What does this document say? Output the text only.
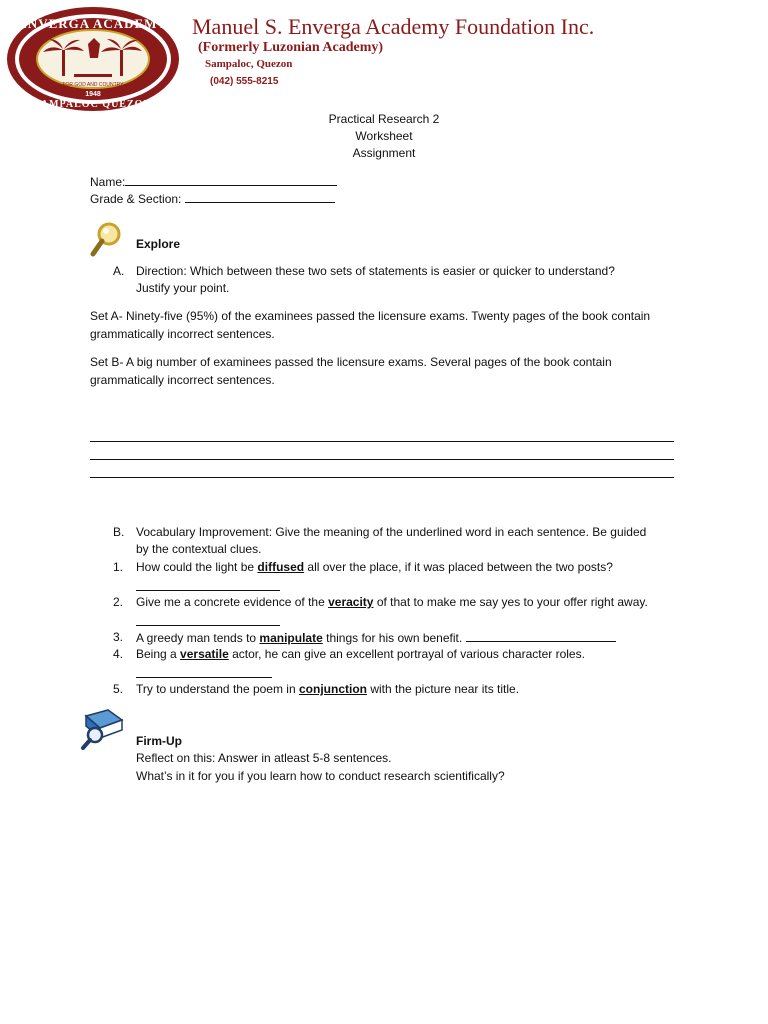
ENVERGA ACADEMY
FOR GOD AND COUNTRY
1948
SAMPALOC QUEZON
Manuel S. Enverga Academy Foundation Inc.
(Formerly Luzonian Academy)
Sampaloc, Quezon
(042) 555-8215
Practical Research 2
Worksheet
Assignment
Name:
Grade & Section:
Explore
A. Direction: Which between these two sets of statements is easier or quicker to understand?
Justify your point.
Set A- Ninety-five (95%) of the examinees passed the licensure exams. Twenty pages of the book contain
grammatically incorrect sentences.
Set B- A big number of examinees passed the licensure exams. Several pages of the book contain
grammatically incorrect sentences.
B. Vocabulary Improvement: Give the meaning of the underlined word in each sentence. Be guided
by the contextual clues.
1. How could the light be diffused all over the place, if it was placed between the two posts?
2. Give me a concrete evidence of the veracity of that to make me say yes to your offer right away.
3. A greedy man tends to manipulate things for his own benefit.
4. Being a versatile actor, he can give an excellent portrayal of various character roles.
5. Try to understand the poem in conjunction with the picture near its title.
Firm-Up
Reflect on this: Answer in atleast 5-8 sentences.
What’s in it for you if you learn how to conduct research scientifically?
